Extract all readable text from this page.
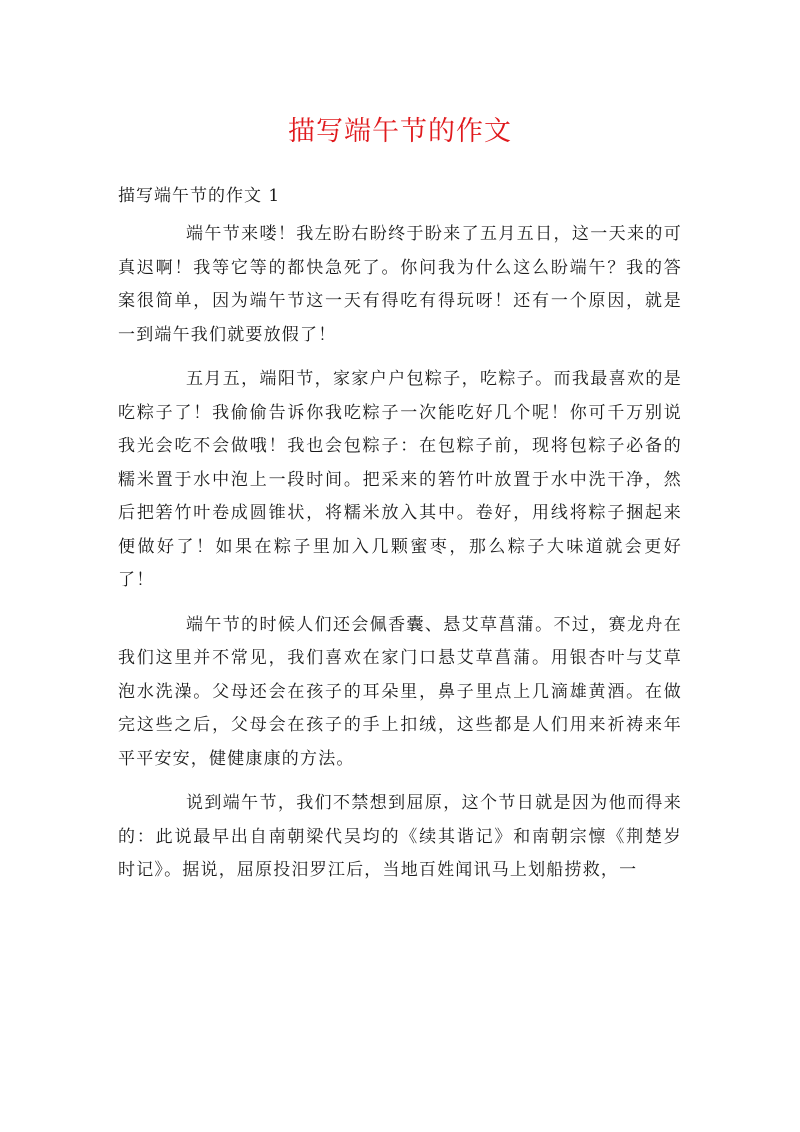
描写端午节的作文
描写端午节的作文 1

端午节来喽！我左盼右盼终于盼来了五月五日，这一天来的可真迟啊！我等它等的都快急死了。你问我为什么这么盼端午？我的答案很简单，因为端午节这一天有得吃有得玩呀！还有一个原因，就是一到端午我们就要放假了！

五月五，端阳节，家家户户包粽子，吃粽子。而我最喜欢的是吃粽子了！我偷偷告诉你我吃粽子一次能吃好几个呢！你可千万别说我光会吃不会做哦！我也会包粽子：在包粽子前，现将包粽子必备的糯米置于水中泡上一段时间。把采来的箬竹叶放置于水中洗干净，然后把箬竹叶卷成圆锥状，将糯米放入其中。卷好，用线将粽子捆起来便做好了！如果在粽子里加入几颗蜜枣，那么粽子大味道就会更好了！

端午节的时候人们还会佩香囊、悬艾草菖蒲。不过，赛龙舟在我们这里并不常见，我们喜欢在家门口悬艾草菖蒲。用银杏叶与艾草泡水洗澡。父母还会在孩子的耳朵里，鼻子里点上几滴雄黄酒。在做完这些之后，父母会在孩子的手上扣绒，这些都是人们用来祈祷来年平平安安，健健康康的方法。

说到端午节，我们不禁想到屈原，这个节日就是因为他而得来的：此说最早出自南朝梁代吴均的《续其谐记》和南朝宗懔《荆楚岁时记》。据说，屈原投汨罗江后，当地百姓闻讯马上划船捞救，一
